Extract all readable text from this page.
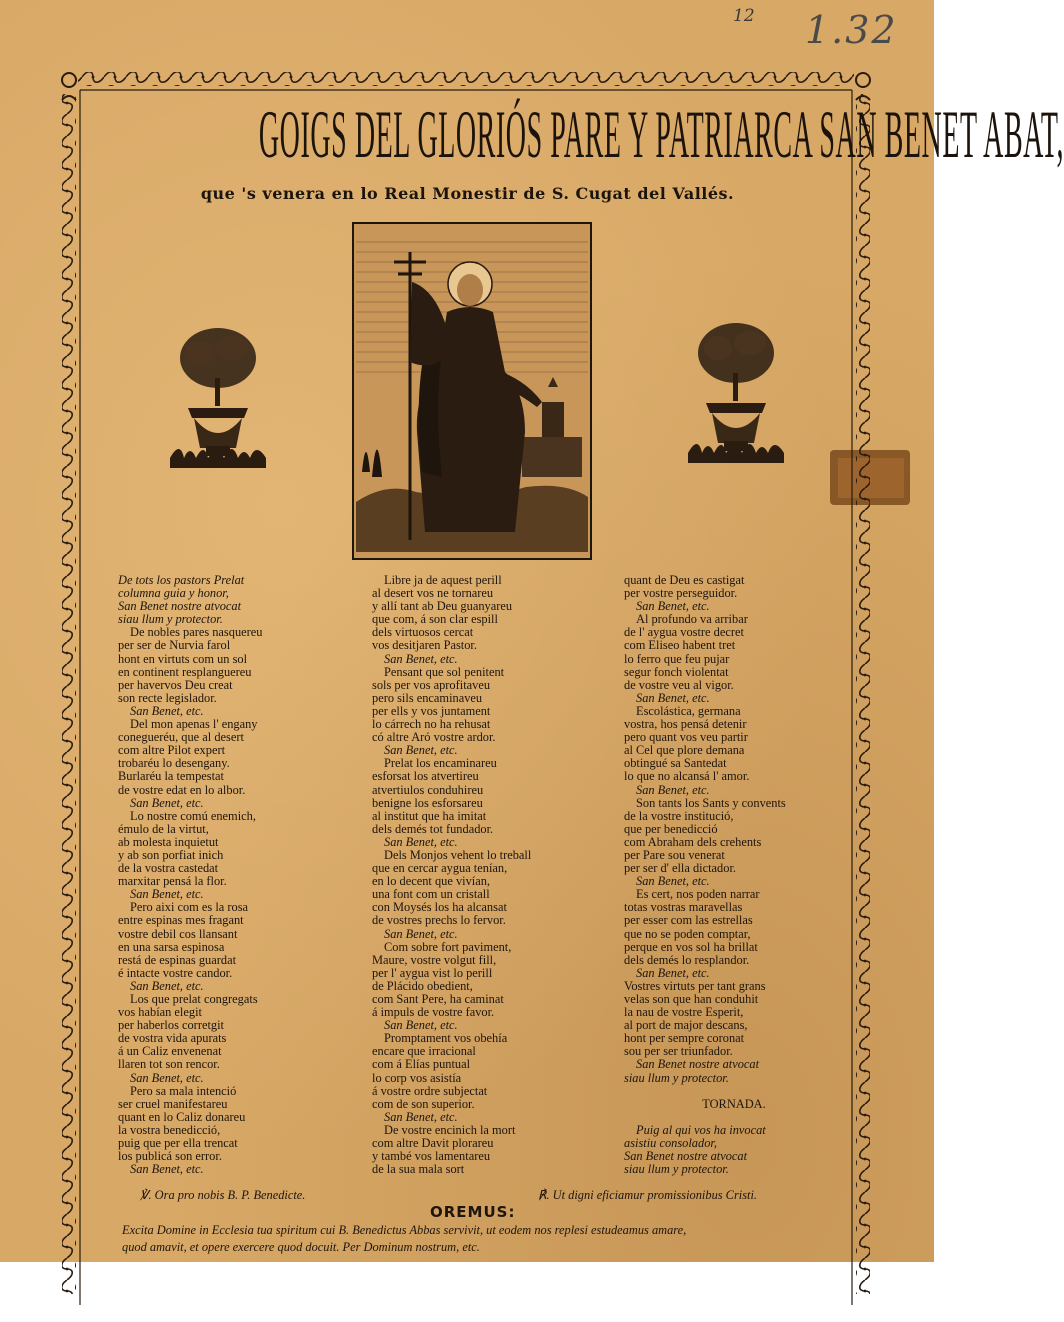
12 1.32
GOIGS DEL GLORIÓS PARE Y PATRIARCA SAN BENET ABAT,
que 's venera en lo Real Monestir de S. Cugat del Vallés.
De tots los pastors Prelat
columna guia y honor,
San Benet nostre atvocat
siau llum y protector.
De nobles pares nasquereu
per ser de Nurvia farol
hont en virtuts com un sol
en continent resplanguereu
per havervos Deu creat
son recte legislador.
San Benet, etc.
Del mon apenas l' engany
conegueréu, que al desert
com altre Pilot expert
trobaréu lo desengany.
Burlaréu la tempestat
de vostre edat en lo albor.
San Benet, etc.
Lo nostre comú enemich,
émulo de la virtut,
ab molesta inquietut
y ab son porfiat inich
de la vostra castedat
marxitar pensá la flor.
San Benet, etc.
Pero aixi com es la rosa
entre espinas mes fragant
vostre debil cos llansant
en una sarsa espinosa
restá de espinas guardat
é intacte vostre candor.
San Benet, etc.
Los que prelat congregats
vos habían elegit
per haberlos corretgit
de vostra vida apurats
á un Caliz envenenat
llaren tot son rencor.
San Benet, etc.
Pero sa mala intenció
ser cruel manifestareu
quant en lo Caliz donareu
la vostra benedicció,
puig que per ella trencat
los publicá son error.
San Benet, etc.
Libre ja de aquest perill
al desert vos ne tornareu
y allí tant ab Deu guanyareu
que com, á son clar espill
dels virtuosos cercat
vos desitjaren Pastor.
San Benet, etc.
Pensant que sol penitent
sols per vos aprofitaveu
pero sils encaminaveu
per ells y vos juntament
lo cárrech no ha rehusat
có altre Aró vostre ardor.
San Benet, etc.
Prelat los encaminareu
esforsat los atvertireu
atvertiulos conduhireu
benigne los esforsareu
al institut que ha imitat
dels demés tot fundador.
San Benet, etc.
Dels Monjos vehent lo treball
que en cercar aygua tenían,
en lo decent que vivían,
una font com un cristall
con Moysés los ha alcansat
de vostres prechs lo fervor.
San Benet, etc.
Com sobre fort paviment,
Maure, vostre volgut fill,
per l' aygua vist lo perill
de Plácido obedient,
com Sant Pere, ha caminat
á impuls de vostre favor.
San Benet, etc.
Promptament vos obehía
encare que irracional
com á Elías puntual
lo corp vos asistía
á vostre ordre subjectat
com de son superior.
San Benet, etc.
De vostre encinich la mort
com altre Davit plorareu
y també vos lamentareu
de la sua mala sort
quant de Deu es castigat
per vostre perseguidor.
San Benet, etc.
Al profundo va arribar
de l' aygua vostre decret
com Eliseo habent tret
lo ferro que feu pujar
segur fonch violentat
de vostre veu al vigor.
San Benet, etc.
Escolástica, germana
vostra, hos pensá detenir
pero quant vos veu partir
al Cel que plore demana
obtingué sa Santedat
lo que no alcansá l' amor.
San Benet, etc.
Son tants los Sants y convents
de la vostre institució,
que per benedicció
com Abraham dels crehents
per Pare sou venerat
per ser d' ella dictador.
San Benet, etc.
Es cert, nos poden narrar
totas vostras maravellas
per esser com las estrellas
que no se poden comptar,
perque en vos sol ha brillat
dels demés lo resplandor.
San Benet, etc.
Vostres virtuts per tant grans
velas son que han conduhit
la nau de vostre Esperit,
al port de major descans,
hont per sempre coronat
sou per ser triunfador.
San Benet nostre atvocat
siau llum y protector.

TORNADA.

Puig al qui vos ha invocat
asistiu consolador,
San Benet nostre atvocat
siau llum y protector.
℣. Ora pro nobis B. P. Benedicte.	℟. Ut digni eficiamur promissionibus Cristi.
OREMUS:
Excita Domine in Ecclesia tua spiritum cui B. Benedictus Abbas servivit, ut eodem nos replesi estudeamus amare,
quod amavit, et opere exercere quod docuit. Per Dominum nostrum, etc.
